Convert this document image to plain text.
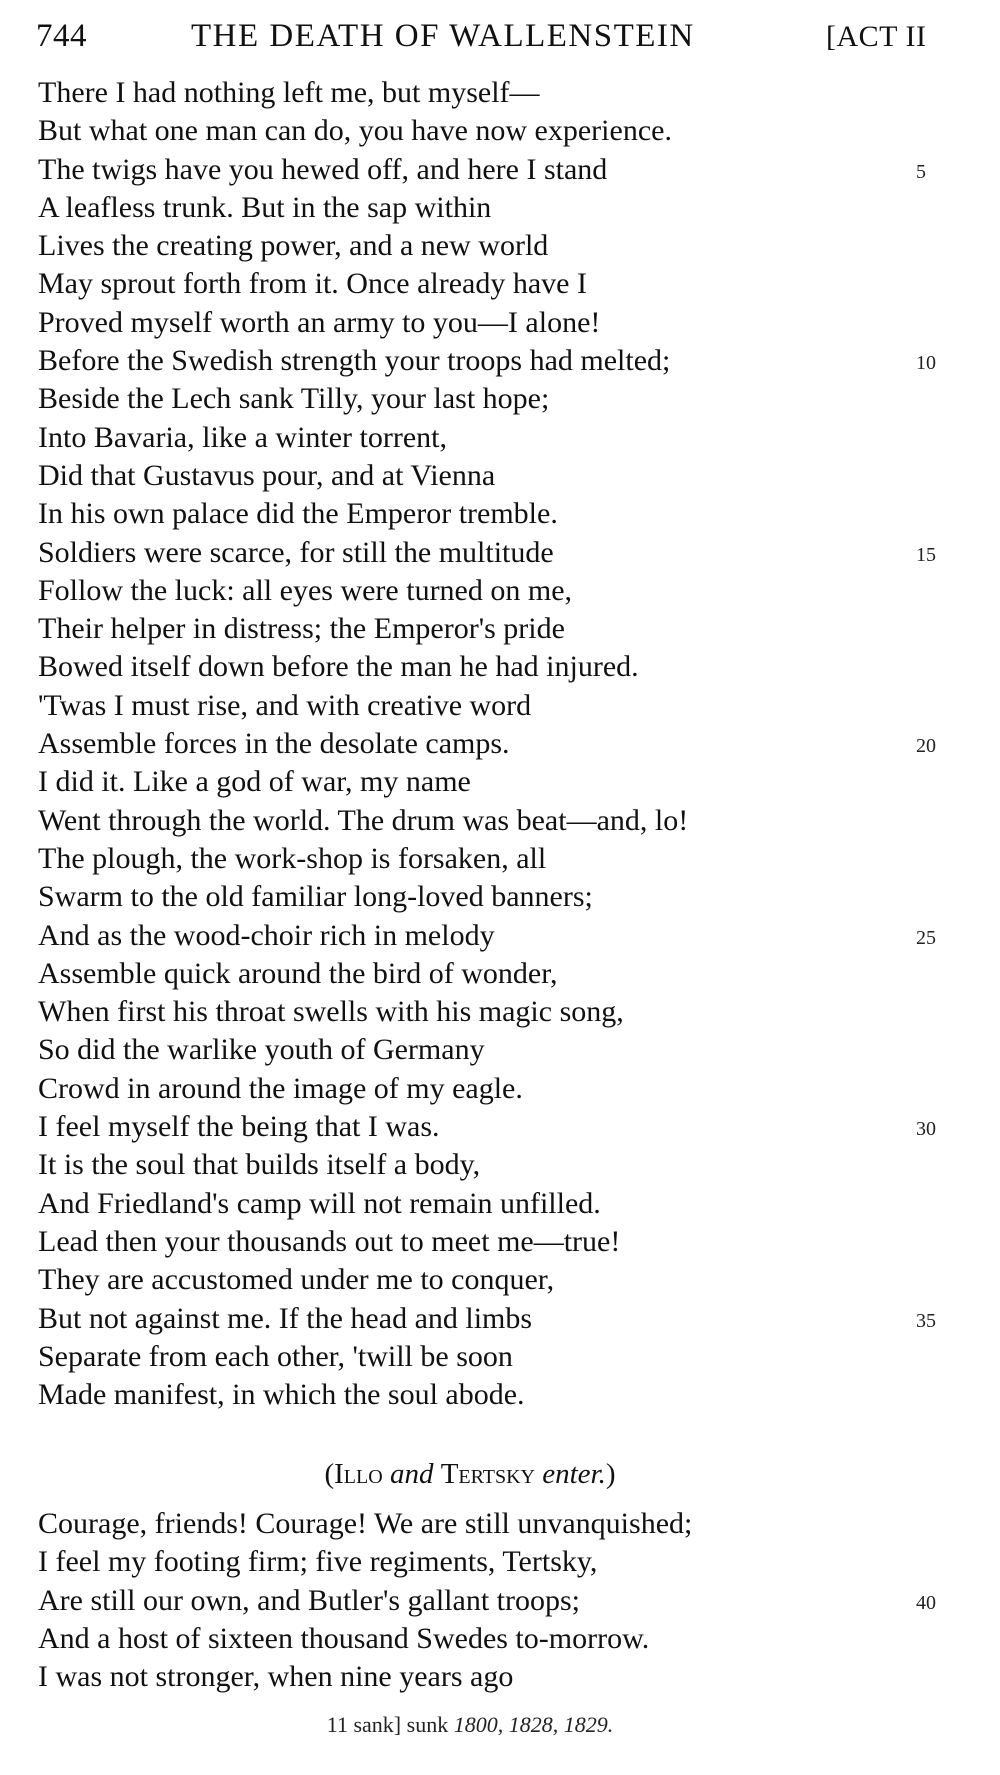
744	THE DEATH OF WALLENSTEIN	[ACT II
There I had nothing left me, but myself—
But what one man can do, you have now experience.
The twigs have you hewed off, and here I stand	5
A leafless trunk. But in the sap within
Lives the creating power, and a new world
May sprout forth from it. Once already have I
Proved myself worth an army to you—I alone!
Before the Swedish strength your troops had melted;	10
Beside the Lech sank Tilly, your last hope;
Into Bavaria, like a winter torrent,
Did that Gustavus pour, and at Vienna
In his own palace did the Emperor tremble.
Soldiers were scarce, for still the multitude	15
Follow the luck: all eyes were turned on me,
Their helper in distress; the Emperor's pride
Bowed itself down before the man he had injured.
'Twas I must rise, and with creative word
Assemble forces in the desolate camps.	20
I did it. Like a god of war, my name
Went through the world. The drum was beat—and, lo!
The plough, the work-shop is forsaken, all
Swarm to the old familiar long-loved banners;
And as the wood-choir rich in melody	25
Assemble quick around the bird of wonder,
When first his throat swells with his magic song,
So did the warlike youth of Germany
Crowd in around the image of my eagle.
I feel myself the being that I was.	30
It is the soul that builds itself a body,
And Friedland's camp will not remain unfilled.
Lead then your thousands out to meet me—true!
They are accustomed under me to conquer,
But not against me. If the head and limbs	35
Separate from each other, 'twill be soon
Made manifest, in which the soul abode.
(Illo and Tertsky enter.)
Courage, friends! Courage! We are still unvanquished;
I feel my footing firm; five regiments, Tertsky,
Are still our own, and Butler's gallant troops;	40
And a host of sixteen thousand Swedes to-morrow.
I was not stronger, when nine years ago
11 sank] sunk 1800, 1828, 1829.
